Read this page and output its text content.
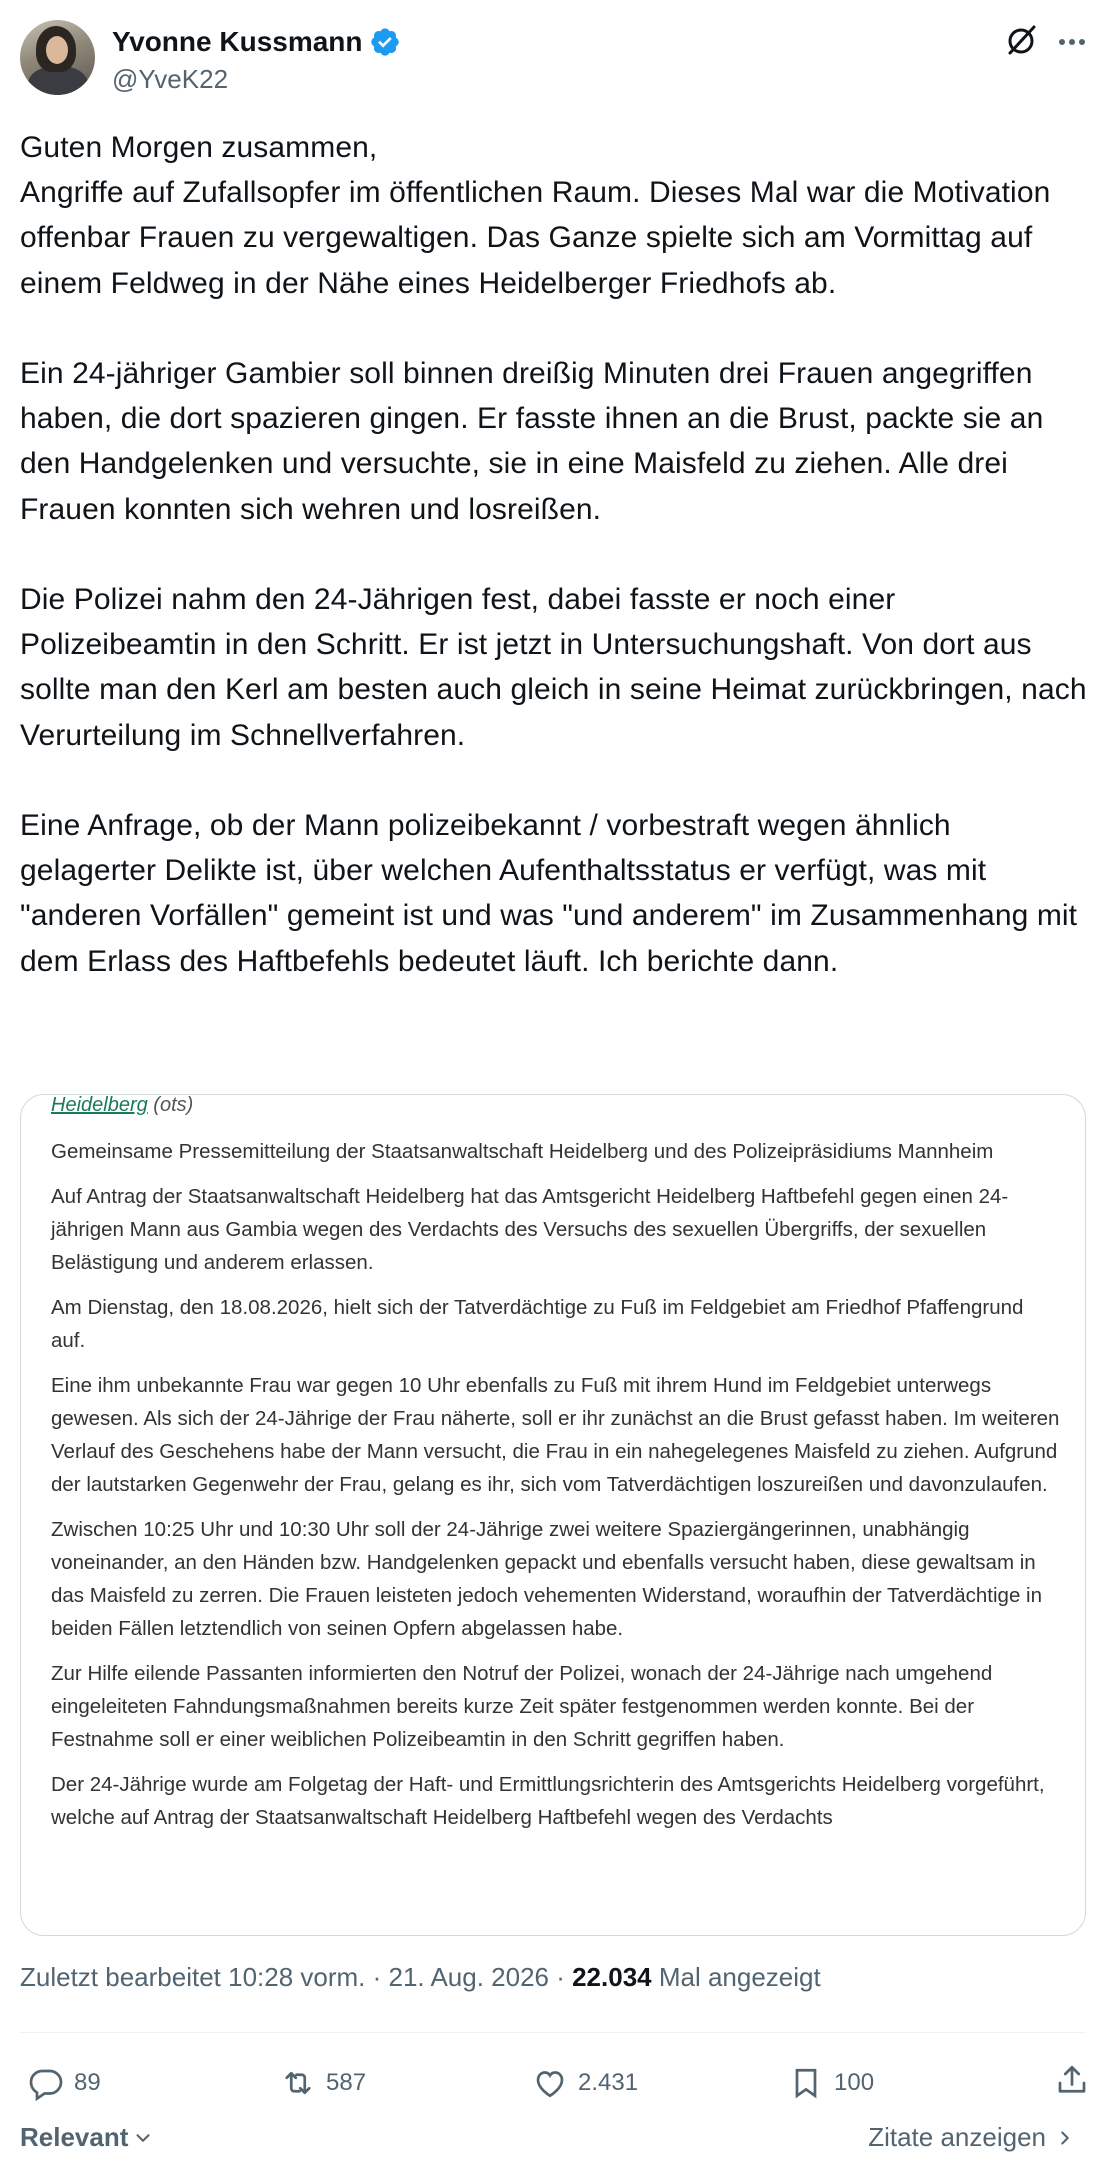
Yvonne Kussmann
@YveK22
Guten Morgen zusammen,
Angriffe auf Zufallsopfer im öffentlichen Raum. Dieses Mal war die Motivation offenbar Frauen zu vergewaltigen. Das Ganze spielte sich am Vormittag auf einem Feldweg in der Nähe eines Heidelberger Friedhofs ab.

Ein 24-jähriger Gambier soll binnen dreißig Minuten drei Frauen angegriffen haben, die dort spazieren gingen. Er fasste ihnen an die Brust, packte sie an den Handgelenken und versuchte, sie in eine Maisfeld zu ziehen. Alle drei Frauen konnten sich wehren und losreißen.

Die Polizei nahm den 24-Jährigen fest, dabei fasste er noch einer Polizeibeamtin in den Schritt. Er ist jetzt in Untersuchungshaft. Von dort aus sollte man den Kerl am besten auch gleich in seine Heimat zurückbringen, nach Verurteilung im Schnellverfahren.

Eine Anfrage, ob der Mann polizeibekannt / vorbestraft wegen ähnlich gelagerter Delikte ist, über welchen Aufenthaltsstatus er verfügt, was mit "anderen Vorfällen" gemeint ist und was "und anderem" im Zusammenhang mit dem Erlass des Haftbefehls bedeutet läuft. Ich berichte dann.
Heidelberg (ots)

Gemeinsame Pressemitteilung der Staatsanwaltschaft Heidelberg und des Polizeipräsidiums Mannheim

Auf Antrag der Staatsanwaltschaft Heidelberg hat das Amtsgericht Heidelberg Haftbefehl gegen einen 24-jährigen Mann aus Gambia wegen des Verdachts des Versuchs des sexuellen Übergriffs, der sexuellen Belästigung und anderem erlassen.

Am Dienstag, den 18.08.2026, hielt sich der Tatverdächtige zu Fuß im Feldgebiet am Friedhof Pfaffengrund auf.

Eine ihm unbekannte Frau war gegen 10 Uhr ebenfalls zu Fuß mit ihrem Hund im Feldgebiet unterwegs gewesen. Als sich der 24-Jährige der Frau näherte, soll er ihr zunächst an die Brust gefasst haben. Im weiteren Verlauf des Geschehens habe der Mann versucht, die Frau in ein nahegelegenes Maisfeld zu ziehen. Aufgrund der lautstarken Gegenwehr der Frau, gelang es ihr, sich vom Tatverdächtigen loszureißen und davonzulaufen.

Zwischen 10:25 Uhr und 10:30 Uhr soll der 24-Jährige zwei weitere Spaziergängerinnen, unabhängig voneinander, an den Händen bzw. Handgelenken gepackt und ebenfalls versucht haben, diese gewaltsam in das Maisfeld zu zerren. Die Frauen leisteten jedoch vehementen Widerstand, woraufhin der Tatverdächtige in beiden Fällen letztendlich von seinen Opfern abgelassen habe.

Zur Hilfe eilende Passanten informierten den Notruf der Polizei, wonach der 24-Jährige nach umgehend eingeleiteten Fahndungsmaßnahmen bereits kurze Zeit später festgenommen werden konnte. Bei der Festnahme soll er einer weiblichen Polizeibeamtin in den Schritt gegriffen haben.

Der 24-Jährige wurde am Folgetag der Haft- und Ermittlungsrichterin des Amtsgerichts Heidelberg vorgeführt, welche auf Antrag der Staatsanwaltschaft Heidelberg Haftbefehl wegen des Verdachts

Zuletzt bearbeitet 10:28 vorm. · 21. Aug. 2026 · 22.034 Mal angezeigt
89	587	2.431	100
Relevant	Zitate anzeigen
